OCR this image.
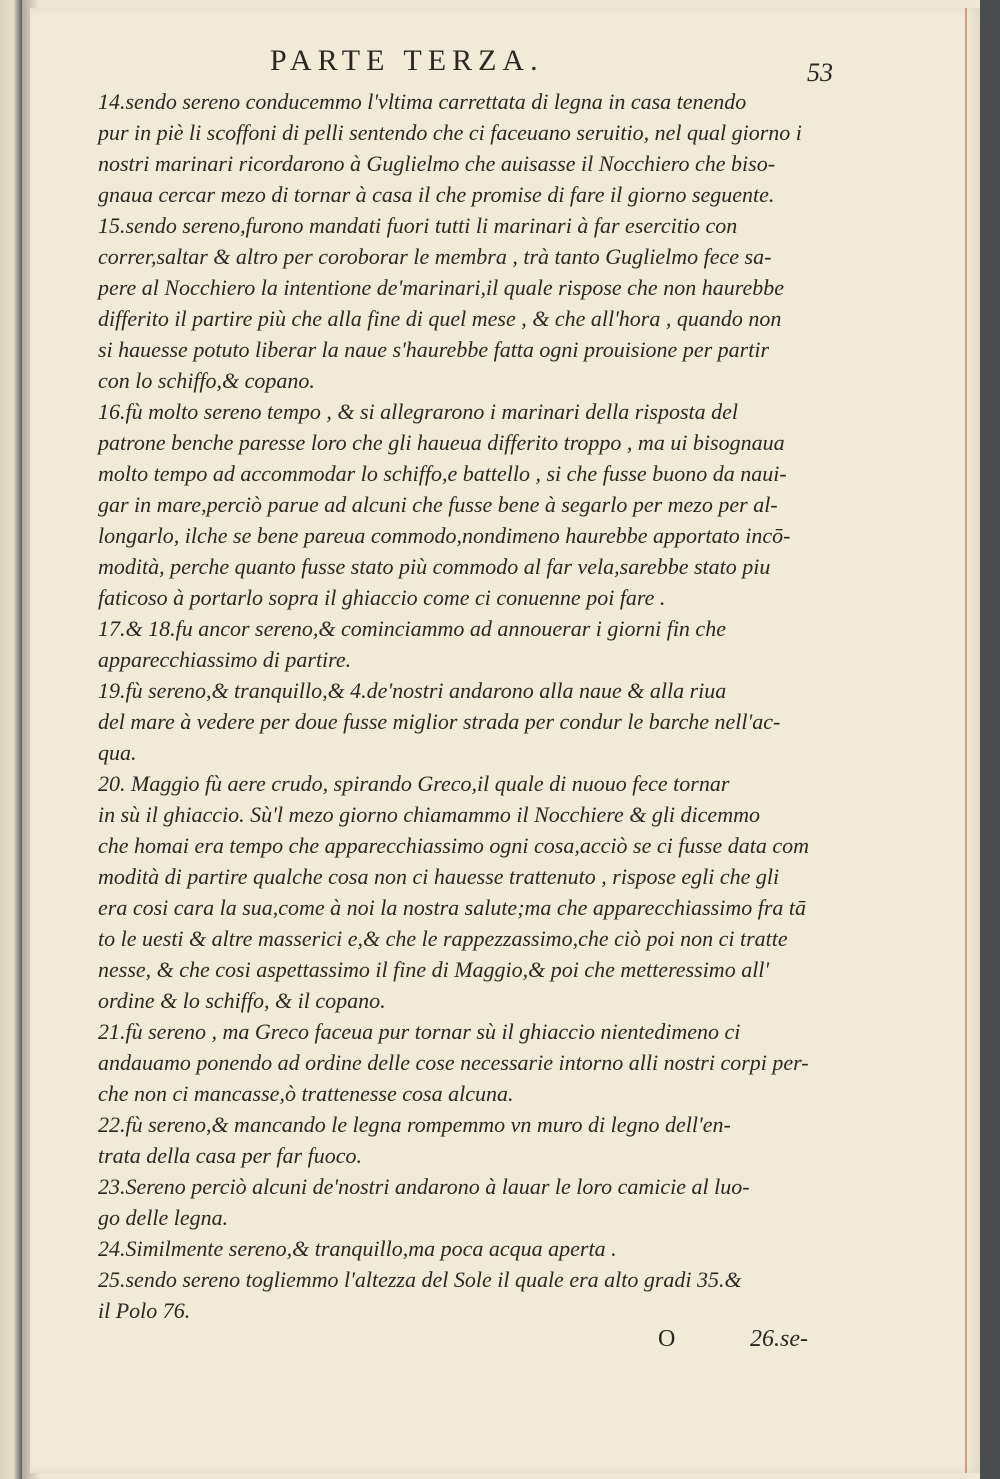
PARTE TERZA.	53
14.sendo sereno conducemmo l'vltima carrettata di legna in casa tenendo
pur in piè li scoffoni di pelli sentendo che ci faceuano seruitio, nel qual giorno i
nostri marinari ricordarono à Guglielmo che auisasse il Nocchiero che biso-
gnaua cercar mezo di tornar à casa il che promise di fare il giorno seguente.
15.sendo sereno,furono mandati fuori tutti li marinari à far esercitio con
correr,saltar & altro per coroborar le membra , trà tanto Guglielmo fece sa-
pere al Nocchiero la intentione de'marinari,il quale rispose che non haurebbe
differito il partire più che alla fine di quel mese , & che all'hora , quando non
si hauesse potuto liberar la naue s'haurebbe fatta ogni prouisione per partir
con lo schiffo,& copano.
16.fù molto sereno tempo , & si allegrarono i marinari della risposta del
patrone benche paresse loro che gli haueua differito troppo , ma ui bisognaua
molto tempo ad accommodar lo schiffo,e battello , si che fusse buono da naui-
gar in mare,perciò parue ad alcuni che fusse bene à segarlo per mezo per al-
longarlo, ilche se bene pareua commodo,nondimeno haurebbe apportato incō-
modità, perche quanto fusse stato più commodo al far vela,sarebbe stato piu
faticoso à portarlo sopra il ghiaccio come ci conuenne poi fare .
17.& 18.fu ancor sereno,& cominciammo ad annouerar i giorni fin che
apparecchiassimo di partire.
19.fù sereno,& tranquillo,& 4.de'nostri andarono alla naue & alla riua
del mare à vedere per doue fusse miglior strada per condur le barche nell'ac-
qua.
20. Maggio fù aere crudo, spirando Greco,il quale di nuouo fece tornar
in sù il ghiaccio. Sù'l mezo giorno chiamammo il Nocchiere & gli dicemmo
che homai era tempo che apparecchiassimo ogni cosa,acciò se ci fusse data com
modità di partire qualche cosa non ci hauesse trattenuto , rispose egli che gli
era cosi cara la sua,come à noi la nostra salute;ma che apparecchiassimo fra tā
to le uesti & altre masserici e,& che le rappezzassimo,che ciò poi non ci tratte
nesse, & che cosi aspettassimo il fine di Maggio,& poi che metteressimo all'
ordine & lo schiffo, & il copano.
21.fù sereno , ma Greco faceua pur tornar sù il ghiaccio nientedimeno ci
andauamo ponendo ad ordine delle cose necessarie intorno alli nostri corpi per-
che non ci mancasse,ò trattenesse cosa alcuna.
22.fù sereno,& mancando le legna rompemmo vn muro di legno dell'en-
trata della casa per far fuoco.
23.Sereno perciò alcuni de'nostri andarono à lauar le loro camicie al luo-
go delle legna.
24.Similmente sereno,& tranquillo,ma poca acqua aperta .
25.sendo sereno togliemmo l'altezza del Sole il quale era alto gradi 35.&
il Polo 76.
O	26.se-
